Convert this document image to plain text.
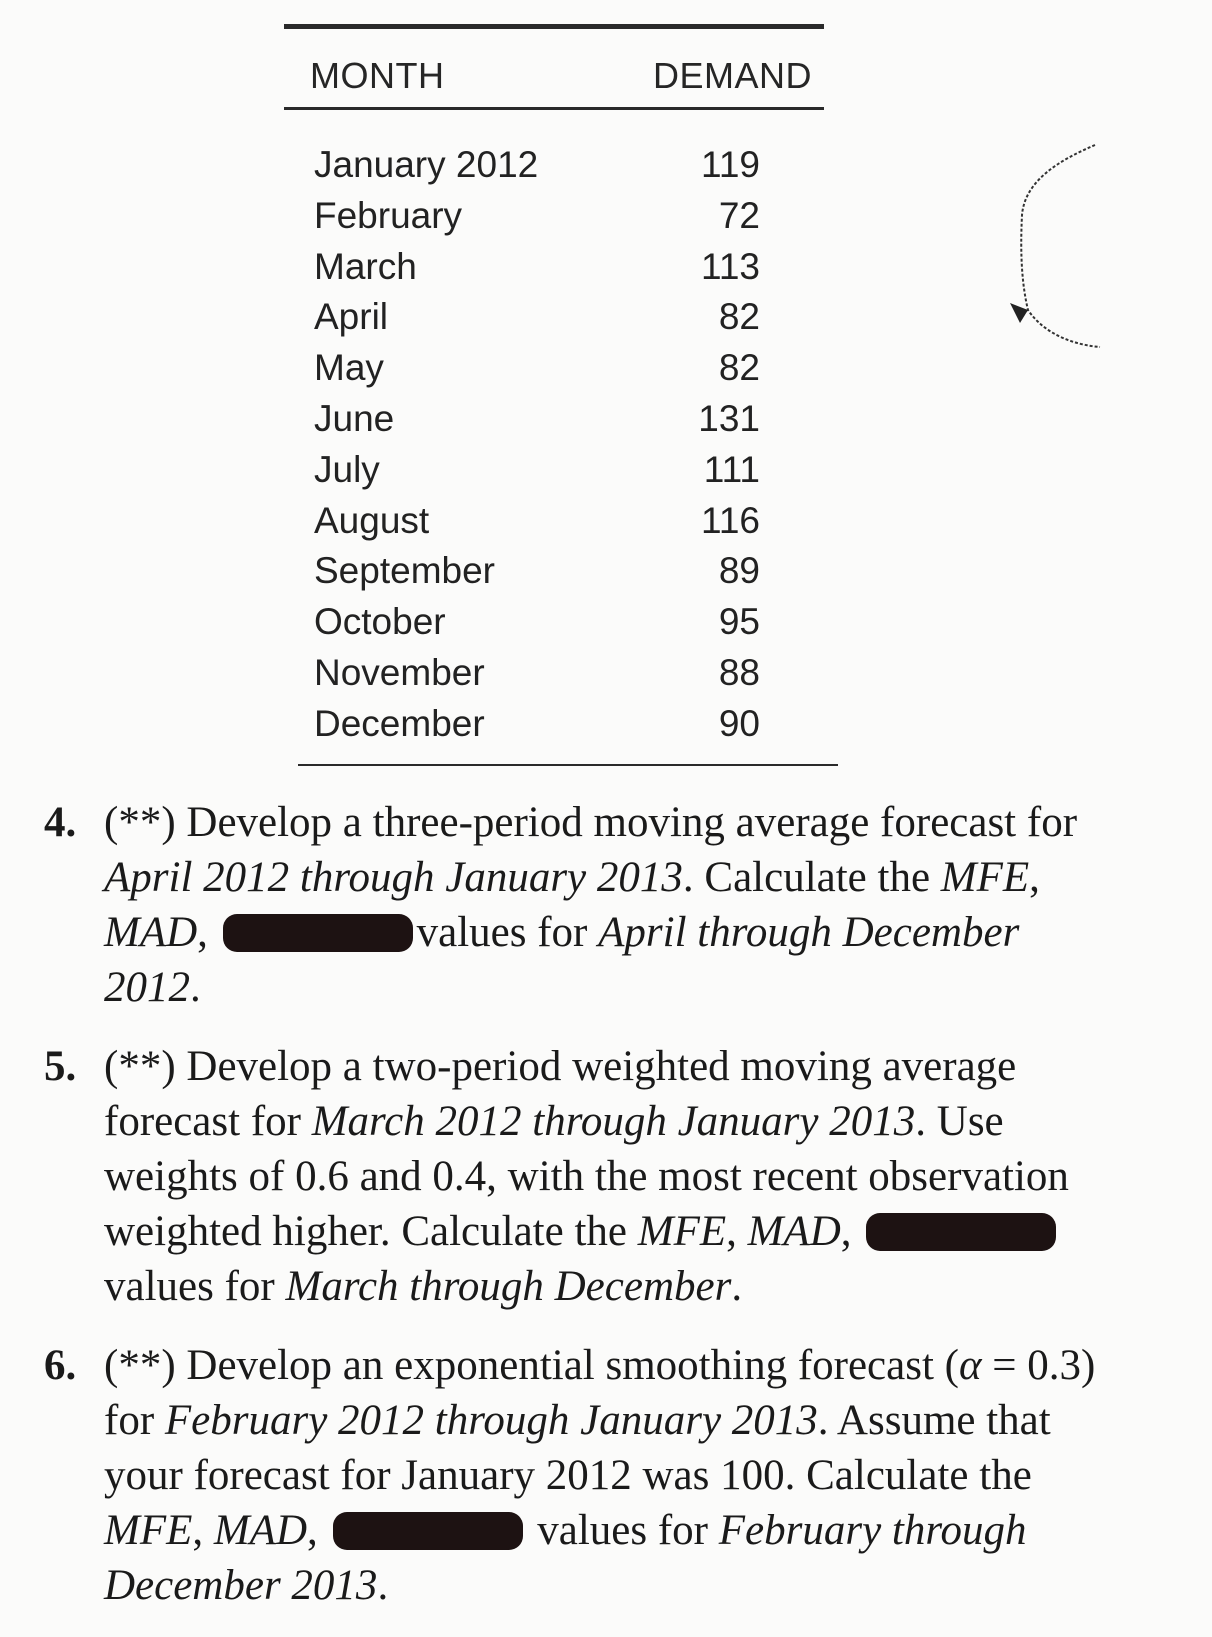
MONTH	DEMAND
January 2012	119
February	72
March	113
April	82
May	82
June	131
July	111
August	116
September	89
October	95
November	88
December	90
4. (**) Develop a three-period moving average forecast for April 2012 through January 2013. Calculate the MFE, MAD,	values for April through December 2012.
5. (**) Develop a two-period weighted moving average forecast for March 2012 through January 2013. Use weights of 0.6 and 0.4, with the most recent observation weighted higher. Calculate the MFE, MAD, values for March through December.
6. (**) Develop an exponential smoothing forecast (α = 0.3) for February 2012 through January 2013. Assume that your forecast for January 2012 was 100. Calculate the MFE, MAD,	values for February through December 2013.
